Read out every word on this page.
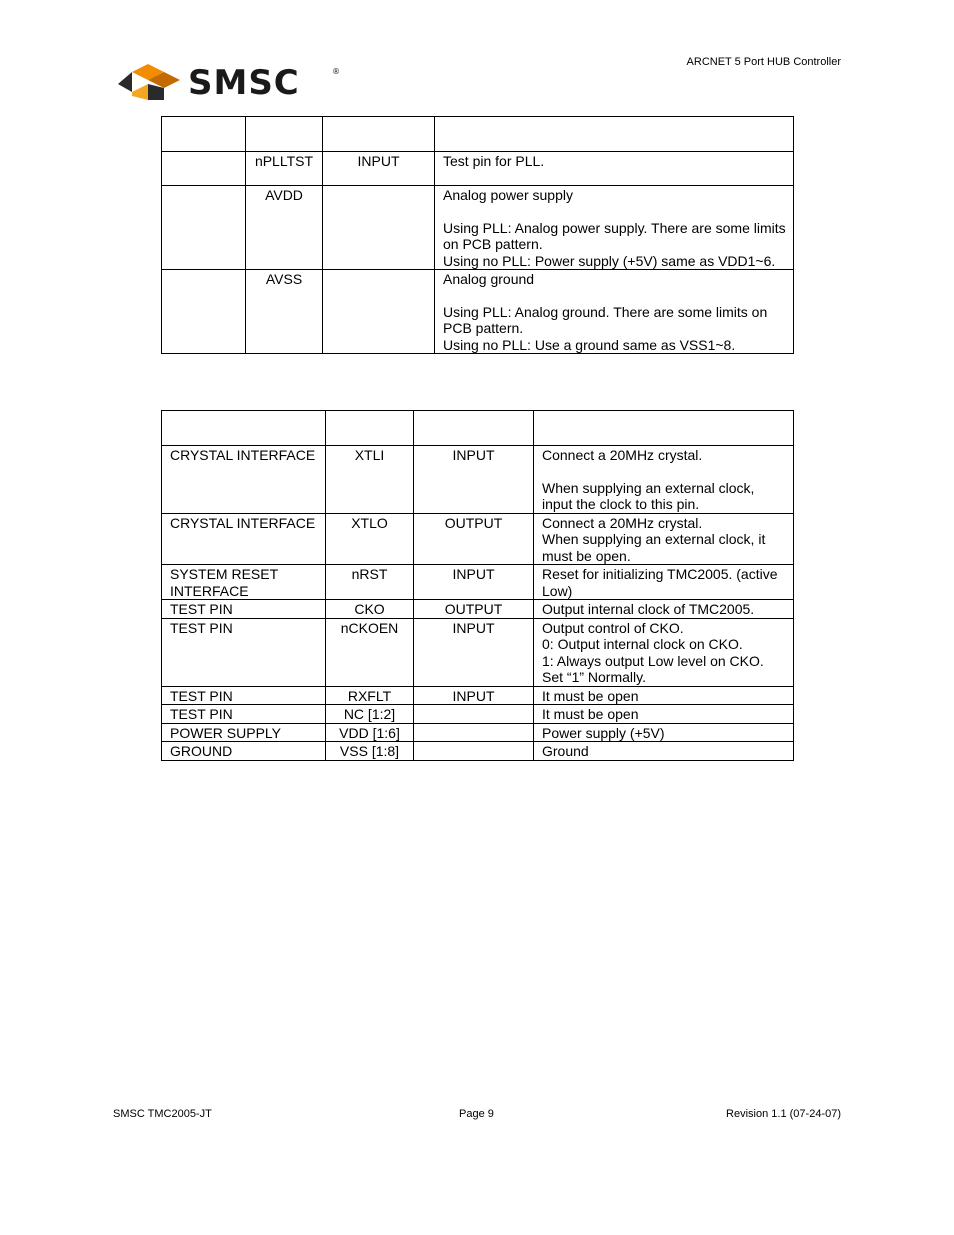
ARCNET 5 Port HUB Controller
SMSC	®

	nPLLTST	INPUT	Test pin for PLL.

	AVDD		Analog power supply
Using PLL: Analog power supply. There are some limits on PCB pattern.
Using no PLL: Power supply (+5V) same as VDD1~6.

	AVSS		Analog ground
Using PLL: Analog ground. There are some limits on PCB pattern.
Using no PLL: Use a ground same as VSS1~8.

CRYSTAL INTERFACE	XTLI	INPUT	Connect a 20MHz crystal.
When supplying an external clock, input the clock to this pin.

CRYSTAL INTERFACE	XTLO	OUTPUT	Connect a 20MHz crystal.
When supplying an external clock, it must be open.

SYSTEM RESET INTERFACE	nRST	INPUT	Reset for initializing TMC2005. (active Low)

TEST PIN	CKO	OUTPUT	Output internal clock of TMC2005.

TEST PIN	nCKOEN	INPUT	Output control of CKO.
0: Output internal clock on CKO.
1: Always output Low level on CKO.
Set “1” Normally.

TEST PIN	RXFLT	INPUT	It must be open

TEST PIN	NC [1:2]		It must be open

POWER SUPPLY	VDD [1:6]		Power supply (+5V)

GROUND	VSS [1:8]		Ground
SMSC TMC2005-JT	Page 9	Revision 1.1 (07-24-07)
